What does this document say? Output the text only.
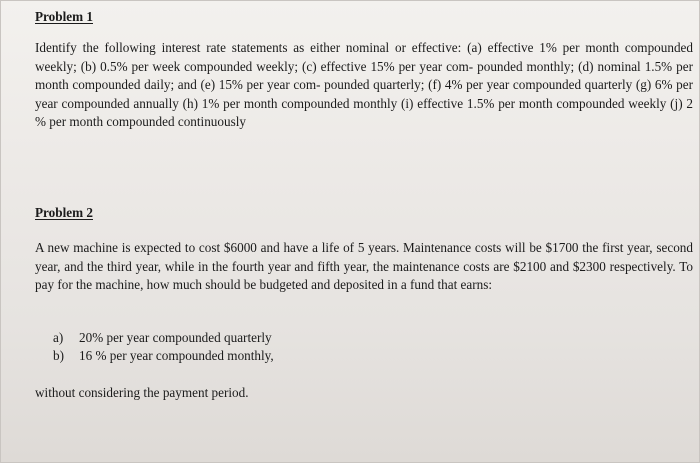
Problem 1

Identify the following interest rate statements as either nominal or effective: (a) effective 1% per month compounded weekly; (b) 0.5% per week compounded weekly; (c) effective 15% per year com- pounded monthly; (d) nominal 1.5% per month compounded daily; and (e) 15% per year com- pounded quarterly; (f) 4% per year compounded quarterly (g) 6% per year compounded annually (h) 1% per month compounded monthly (i) effective 1.5% per month compounded weekly (j) 2 % per month compounded continuously

Problem 2

A new machine is expected to cost $6000 and have a life of 5 years. Maintenance costs will be $1700 the first year, second year, and the third year, while in the fourth year and fifth year, the maintenance costs are $2100 and $2300 respectively. To pay for the machine, how much should be budgeted and deposited in a fund that earns:

a) 20% per year compounded quarterly
b) 16 % per year compounded monthly,

without considering the payment period.
